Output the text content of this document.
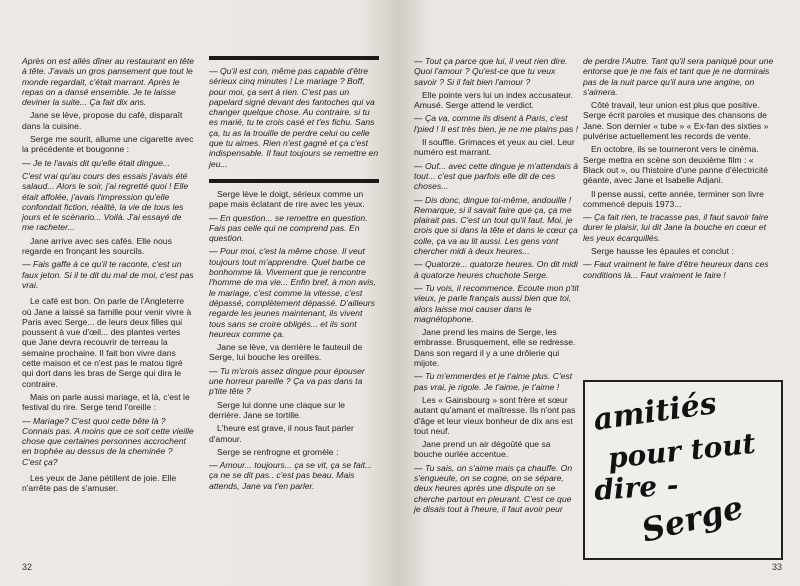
Après on est allés dîner au restaurant en tête à tête. J'avais un gros pansement que tout le monde regardait, c'était marrant. Après le repas on a dansé ensemble. Je te laisse deviner la suite... Ça fait dix ans.

Jane se lève, propose du café, disparaît dans la cuisine.

Serge me sourit, allume une cigarette avec la précédente et bougonne :

— Je te l'avais dit qu'elle était dingue...

C'est vrai qu'au cours des essais j'avais été salaud... Alors le soir, j'ai regretté quoi ! Elle était affolée, j'avais l'impression qu'elle confondait fiction, réalité, la vie de tous les jours et le scénario... Voilà. J'ai essayé de me racheter...

Jane arrive avec ses cafés. Elle nous regarde en fronçant les sourcils.

— Fais gaffe à ce qu'il te raconte, c'est un faux jeton. Si il te dit du mal de moi, c'est pas vrai.

Le café est bon. On parle de l'Angleterre où Jane a laissé sa famille pour venir vivre à Paris avec Serge... de leurs deux filles qui poussent à vue d'œil... des plantes vertes que Jane devra recouvrir de terreau la semaine prochaine. Il fait bon vivre dans cette maison et ce n'est pas le matou tigré qui dort dans les bras de Serge qui dira le contraire.

Mais on parle aussi mariage, et là, c'est le festival du rire. Serge tend l'oreille :

— Mariage? C'est quoi cette bête là ? Connais pas. A moins que ce soit cette vieille chose que certaines personnes accrochent en trophée au dessus de la cheminée ? C'est ça?

Les yeux de Jane pétillent de joie. Elle n'arrête pas de s'amuser.

— Qu'il est con, même pas capable d'être sérieux cinq minutes ! Le mariage ? Boff, pour moi, ça sert à rien. C'est pas un papelard signé devant des fantoches qui va changer quelque chose. Au contraire, si tu es marié, tu te crois casé et t'es fichu. Sans ça, tu as la trouille de perdre celui ou celle que tu aimes. Rien n'est gagné et ça c'est indispensable. Il faut toujours se remettre en jeu...

Serge lève le doigt, sérieux comme un pape mais éclatant de rire avec les yeux.

— En question... se remettre en question. Fais pas celle qui ne comprend pas. En question.

— Pour moi, c'est la même chose. Il veut toujours tout m'apprendre. Quel barbe ce bonhomme là. Vivement que je rencontre l'homme de ma vie... Enfin bref, à mon avis, le mariage, c'est comme la vitesse, c'est dépassé, complètement dépassé. D'ailleurs regarde les jeunes maintenant, ils vivent tous sans se croire obligés... et ils sont heureux comme ça.

Jane se lève, va derrière le fauteuil de Serge, lui bouche les oreilles.

— Tu m'crois assez dingue pour épouser une horreur pareille ? Ça va pas dans ta p'tite tête ?

Serge lui donne une claque sur le derrière. Jane se tortille.

L'heure est grave, il nous faut parler d'amour.

Serge se renfrogne et gromèle :

— Amour... toujours... ça se vit, ça se fait... ça ne se dit pas.. c'est pas beau. Mais attends, Jane va t'en parler.

32

— Tout ça parce que lui, il veut rien dire. Quoi l'amour ? Qu'est-ce que tu veux savoir ? Si il fait bien l'amour ?

Elle pointe vers lui un index accusateur. Amusé. Serge attend le verdict.

— Ça va, comme ils disent à Paris, c'est l'pied ! Il est très bien, je ne me plains pas !

Il souffle. Grimaces et yeux au ciel. Leur numéro est marrant.

— Ouf... avec cette dingue je m'attendais à tout... c'est que parfois elle dit de ces choses...

— Dis donc, dingue toi-même, andouille ! Remarque, si il savait faire que ça, ça me plairait pas. C'est un tout qu'il faut. Moi, je crois que si dans la tête et dans le cœur ça colle, ça va au lit aussi. Les gens vont chercher midi à deux heures...

— Quatorze... quatorze heures. On dit midi à quatorze heures chuchote Serge.

— Tu vois, il recommence. Ecoute mon p'tit vieux, je parle français aussi bien que toi, alors laisse moi causer dans le magnétophone.

Jane prend les mains de Serge, les embrasse. Brusquement, elle se redresse. Dans son regard il y a une drôlerie qui mijote.

— Tu m'emmerdes et je t'aime plus. C'est pas vrai, je rigole. Je t'aime, je t'aime !

Les « Gainsbourg » sont frère et sœur autant qu'amant et maîtresse. Ils n'ont pas d'âge et leur vieux bonheur de dix ans est tout neuf.

Jane prend un air dégoûté que sa bouche ourlée accentue.

— Tu sais, on s'aime mais ça chauffe. On s'engueule, on se cogne, on se sépare, deux heures après une dispute on se cherche partout en pleurant. C'est ce que je disais tout à l'heure, il faut avoir peur

de perdre l'Autre. Tant qu'il sera paniqué pour une entorse que je me fais et tant que je ne dormirais pas de la nuit parce qu'il aura une angine, on s'aimera.

Côté travail, leur union est plus que positive. Serge écrit paroles et musique des chansons de Jane. Son dernier « tube » « Ex-fan des sixties » pulvérise actuellement les records de vente.

En octobre, ils se tourneront vers le cinéma. Serge mettra en scène son deuxième film : « Black out », ou l'histoire d'une panne d'électricité géante, avec Jane et Isabelle Adjani.

Il pense aussi, cette année, terminer son livre commencé depuis 1973...

— Ça fait rien, te tracasse pas, il faut savoir faire durer le plaisir, lui dit Jane la bouche en cœur et les yeux écarquillés.

Serge hausse les épaules et conclut :

— Faut vraiment le faire d'être heureux dans ces conditions là... Faut vraiment le faire !

33
amitiés
pour tout
dire -
Serge
